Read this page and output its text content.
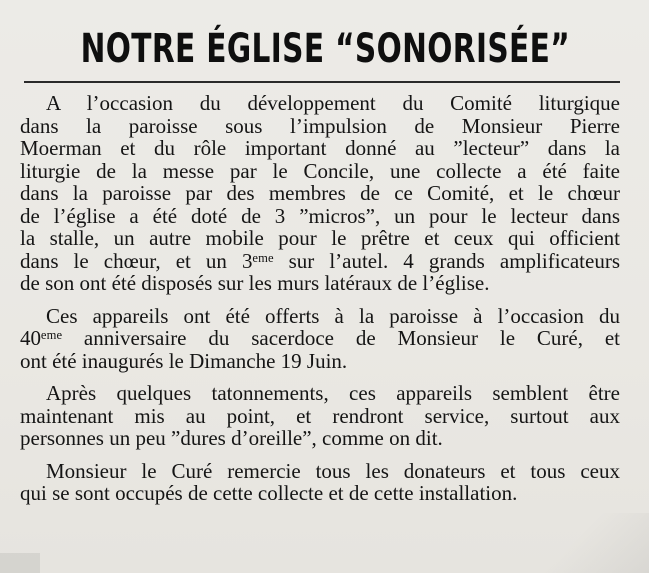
NOTRE ÉGLISE “SONORISÉE”
A l’occasion du développement du Comité liturgique
dans la paroisse sous l’impulsion de Monsieur Pierre
Moerman et du rôle important donné au ”lecteur” dans la
liturgie de la messe par le Concile, une collecte a été faite
dans la paroisse par des membres de ce Comité, et le chœur
de l’église a été doté de 3 ”micros”, un pour le lecteur dans
la stalle, un autre mobile pour le prêtre et ceux qui officient
dans le chœur, et un 3ᵉᵐᵉ sur l’autel. 4 grands amplificateurs
de son ont été disposés sur les murs latéraux de l’église.
Ces appareils ont été offerts à la paroisse à l’occasion du
40ᵉᵐᵉ anniversaire du sacerdoce de Monsieur le Curé, et
ont été inaugurés le Dimanche 19 Juin.
Après quelques tatonnements, ces appareils semblent être
maintenant mis au point, et rendront service, surtout aux
personnes un peu ”dures d’oreille”, comme on dit.
Monsieur le Curé remercie tous les donateurs et tous ceux
qui se sont occupés de cette collecte et de cette installation.
